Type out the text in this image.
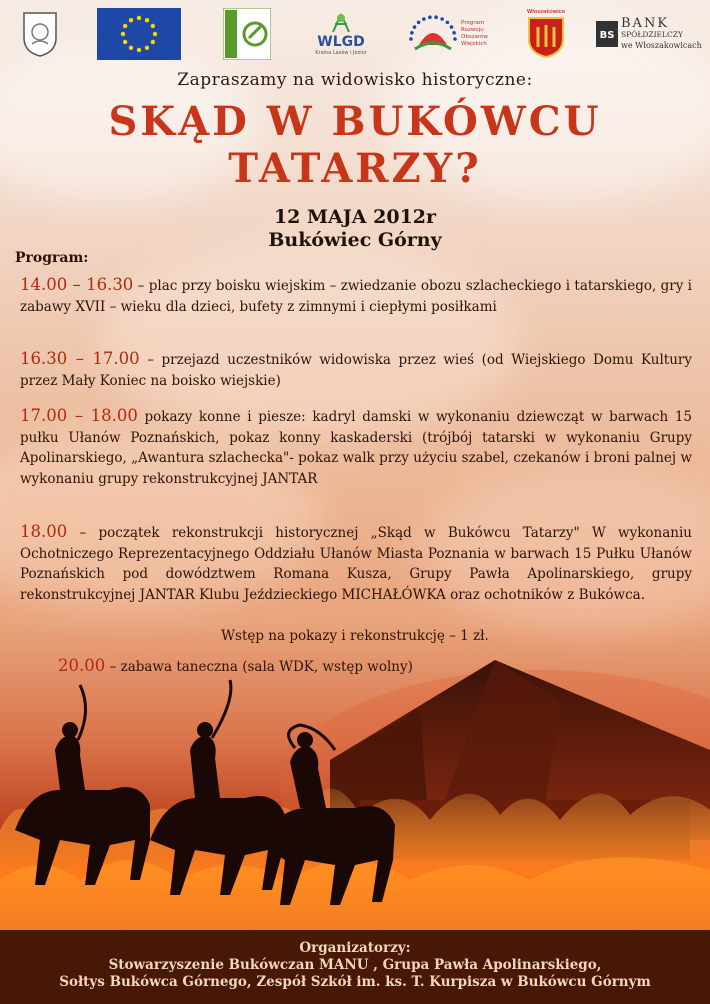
WLGD
Kraina Lasów i Jezior
Program Rozwoju Obszarów Wiejskich
Włoszakowice
BS
BANK
SPÓŁDZIELCZY
we Włoszakowicach
Zapraszamy na widowisko historyczne:
SKĄD W BUKÓWCU
TATARZY?
12 MAJA 2012r
Bukówiec Górny
Program:
14.00 – 16.30 – plac przy boisku wiejskim – zwiedzanie obozu szlacheckiego i tatarskiego, gry i zabawy XVII – wieku dla dzieci, bufety z zimnymi i ciepłymi posiłkami
16.30 – 17.00 – przejazd uczestników widowiska przez wieś (od Wiejskiego Domu Kultury przez Mały Koniec na boisko wiejskie)
17.00 – 18.00 pokazy konne i piesze: kadryl damski w wykonaniu dziewcząt w barwach 15 pułku Ułanów Poznańskich, pokaz konny kaskaderski (trójbój tatarski w wykonaniu Grupy Apolinarskiego, „Awantura szlachecka"- pokaz walk przy użyciu szabel, czekanów i broni palnej w wykonaniu grupy rekonstrukcyjnej JANTAR
18.00 – początek rekonstrukcji historycznej „Skąd w Bukówcu Tatarzy" W wykonaniu Ochotniczego Reprezentacyjnego Oddziału Ułanów Miasta Poznania w barwach 15 Pułku Ułanów Poznańskich pod dowództwem Romana Kusza, Grupy Pawła Apolinarskiego, grupy rekonstrukcyjnej JANTAR Klubu Jeździeckiego MICHAŁÓWKA oraz ochotników z Bukówca.
Wstęp na pokazy i rekonstrukcję – 1 zł.
20.00 – zabawa taneczna (sala WDK, wstęp wolny)
Organizatorzy:
Stowarzyszenie Bukówczan MANU , Grupa Pawła Apolinarskiego,
Sołtys Bukówca Górnego, Zespół Szkół im. ks. T. Kurpisza w Bukówcu Górnym
